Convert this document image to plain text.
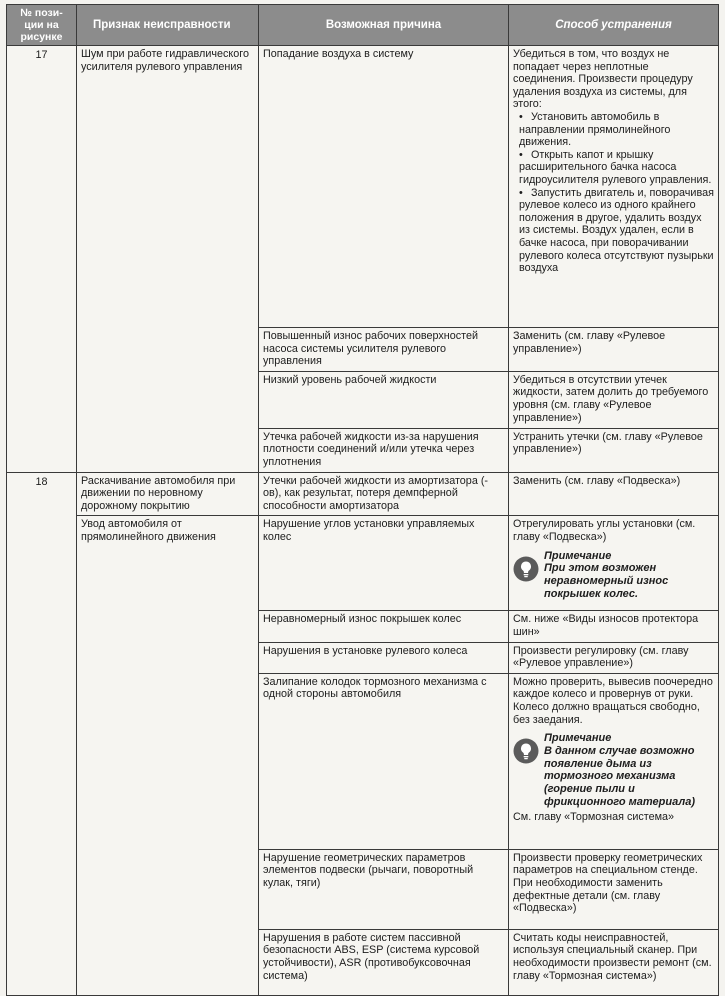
№ пози-ции на рисунке	Признак неисправности	Возможная причина	Способ устранения
17	Шум при работе гидравлического усилителя рулевого управления	Попадание воздуха в систему	Убедиться в том, что воздух не попадает через неплотные соединения. Произвести процедуру удаления воздуха из системы, для этого:
• Установить автомобиль в направлении прямолинейного движения.
• Открыть капот и крышку расширительного бачка насоса гидроусилителя рулевого управления.
• Запустить двигатель и, поворачивая рулевое колесо из одного крайнего положения в другое, удалить воздух из системы. Воздух удален, если в бачке насоса, при поворачивании рулевого колеса отсутствуют пузырьки воздуха

		Повышенный износ рабочих поверхностей насоса системы усилителя рулевого управления	Заменить (см. главу «Рулевое управление»)
		Низкий уровень рабочей жидкости	Убедиться в отсутствии утечек жидкости, затем долить до требуемого уровня (см. главу «Рулевое управление»)
		Утечка рабочей жидкости из-за нарушения плотности соединений и/или утечка через уплотнения	Устранить утечки (см. главу «Рулевое управление»)
18	Раскачивание автомобиля при движении по неровному дорожному покрытию	Утечки рабочей жидкости из амортизатора (-ов), как результат, потеря демпферной способности амортизатора	Заменить (см. главу «Подвеска»)
	Увод автомобиля от прямолинейного движения	Нарушение углов установки управляемых колес	Отрегулировать углы установки (см. главу «Подвеска»)
Примечание
При этом возможен неравномерный износ покрышек колес.

		Неравномерный износ покрышек колес	См. ниже «Виды износов протектора шин»
		Нарушения в установке рулевого колеса	Произвести регулировку (см. главу «Рулевое управление»)
		Залипание колодок тормозного механизма с одной стороны автомобиля	Можно проверить, вывесив поочередно каждое колесо и провернув от руки. Колесо должно вращаться свободно, без заедания.
Примечание
В данном случае возможно появление дыма из тормозного механизма (горение пыли и фрикционного материала)
См. главу «Тормозная система»

		Нарушение геометрических параметров элементов подвески (рычаги, поворотный кулак, тяги)	Произвести проверку геометрических параметров на специальном стенде. При необходимости заменить дефектные детали (см. главу «Подвеска»)
		Нарушения в работе систем пассивной безопасности ABS, ESP (система курсовой устойчивости), ASR (противобуксовочная система)	Считать коды неисправностей, используя специальный сканер. При необходимости произвести ремонт (см. главу «Тормозная система»)
